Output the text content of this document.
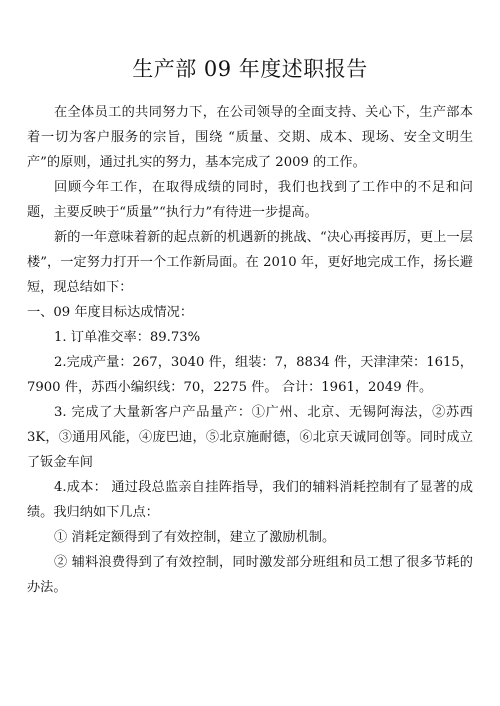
生产部 09 年度述职报告

在全体员工的共同努力下，在公司领导的全面支持、关心下，生产部本着一切为客户服务的宗旨，围绕 “质量、交期、成本、现场、安全文明生产”的原则，通过扎实的努力，基本完成了 2009 的工作。

回顾今年工作，在取得成绩的同时，我们也找到了工作中的不足和问题，主要反映于“质量”“执行力”有待进一步提高。

新的一年意味着新的起点新的机遇新的挑战、“决心再接再厉，更上一层楼”，一定努力打开一个工作新局面。在 2010 年，更好地完成工作，扬长避短，现总结如下：

一、09 年度目标达成情况：

1. 订单准交率：89.73%

2.完成产量：267，3040 件，组装：7，8834 件，天津津荣：1615，7900 件，苏西小编织线：70，2275 件。 合计：1961，2049 件。

3. 完成了大量新客户产品量产：①广州、北京、无锡阿海法，②苏西 3K，③通用风能，④庞巴迪，⑤北京施耐德，⑥北京天诚同创等。同时成立了钣金车间

4.成本： 通过段总监亲自挂阵指导，我们的辅料消耗控制有了显著的成绩。我归纳如下几点：

① 消耗定额得到了有效控制，建立了激励机制。

② 辅料浪费得到了有效控制，同时激发部分班组和员工想了很多节耗的办法。
